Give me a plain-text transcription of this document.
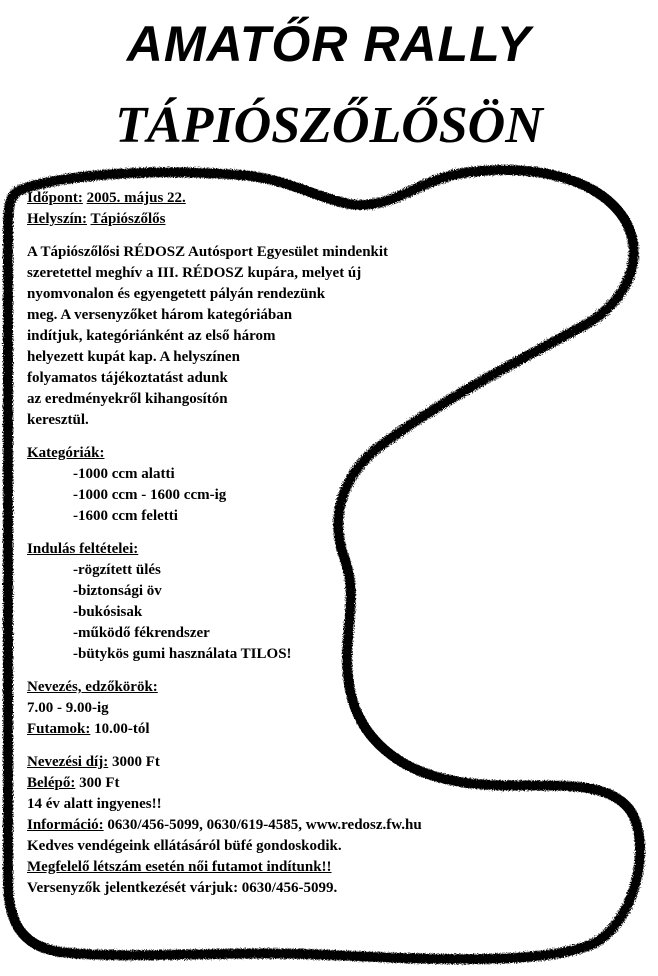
AMATŐR RALLY
TÁPIÓSZŐLŐSÖN
Időpont: 2005. május 22.
Helyszín: Tápiószőlős
A Tápiószőlősi RÉDOSZ Autósport Egyesület mindenkit
szeretettel meghív a III. RÉDOSZ kupára, melyet új
nyomvonalon és egyengetett pályán rendezünk
meg. A versenyzőket három kategóriában
indítjuk, kategóriánként az első három
helyezett kupát kap. A helyszínen
folyamatos tájékoztatást adunk
az eredményekről kihangosítón
keresztül.
Kategóriák:
-1000 ccm alatti
-1000 ccm - 1600 ccm-ig
-1600 ccm feletti
Indulás feltételei:
-rögzített ülés
-biztonsági öv
-bukósisak
-működő fékrendszer
-bütykös gumi használata TILOS!
Nevezés, edzőkörök:
7.00 - 9.00-ig
Futamok: 10.00-tól
Nevezési díj: 3000 Ft
Belépő: 300 Ft
14 év alatt ingyenes!!
Információ: 0630/456-5099, 0630/619-4585, www.redosz.fw.hu
Kedves vendégeink ellátásáról büfé gondoskodik.
Megfelelő létszám esetén női futamot indítunk!!
Versenyzők jelentkezését várjuk: 0630/456-5099.
